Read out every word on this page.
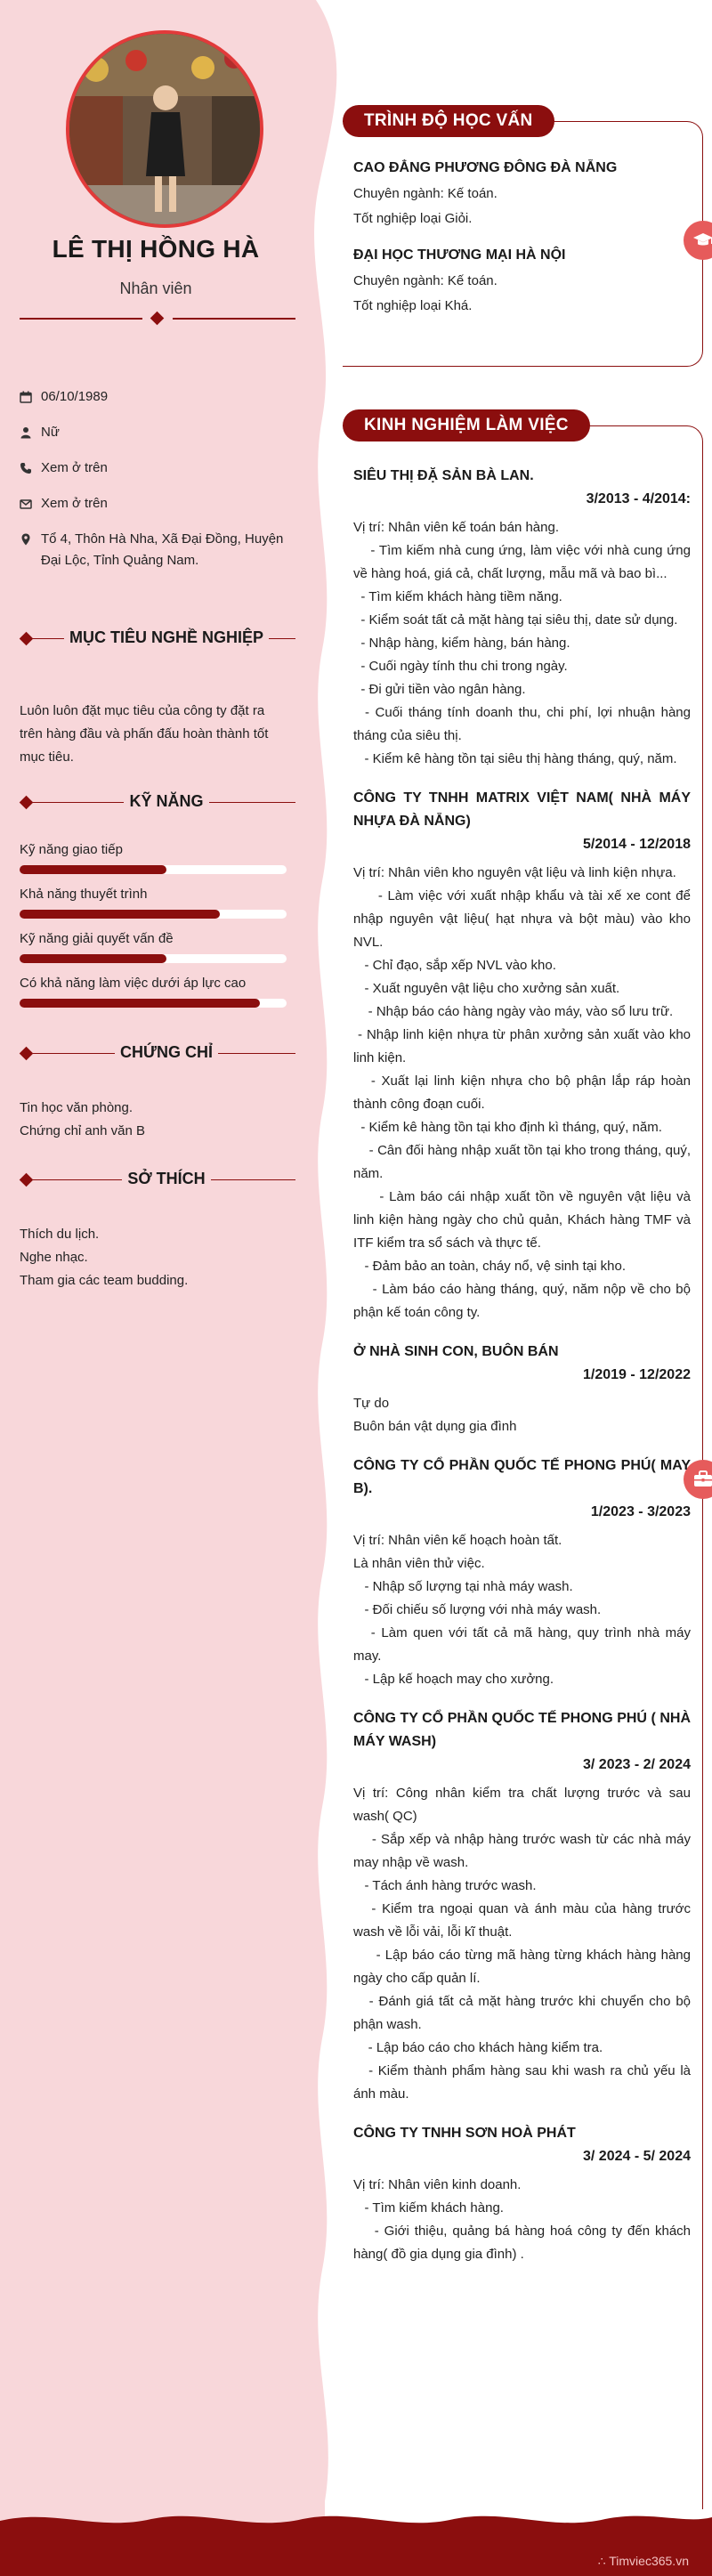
LÊ THỊ HỒNG HÀ
Nhân viên
06/10/1989
Nữ
Xem ở trên
Xem ở trên
Tổ 4, Thôn Hà Nha, Xã Đại Đồng, Huyện Đại Lộc, Tỉnh Quảng Nam.
MỤC TIÊU NGHỀ NGHIỆP
Luôn luôn đặt mục tiêu của công ty đặt ra trên hàng đầu và phấn đấu hoàn thành tốt mục tiêu.
KỸ NĂNG
Kỹ năng giao tiếp
Khả năng thuyết trình
Kỹ năng giải quyết vấn đề
Có khả năng làm việc dưới áp lực cao
CHỨNG CHỈ
Tin học văn phòng.
Chứng chỉ anh văn B
SỞ THÍCH
Thích du lịch.
Nghe nhạc.
Tham gia các team budding.
TRÌNH ĐỘ HỌC VẤN
CAO ĐẲNG PHƯƠNG ĐÔNG ĐÀ NẴNG
Chuyên ngành: Kế toán.
Tốt nghiệp loại Giỏi.
ĐẠI HỌC THƯƠNG MẠI HÀ NỘI
Chuyên ngành: Kế toán.
Tốt nghiệp loại Khá.
KINH NGHIỆM LÀM VIỆC
SIÊU THỊ ĐẶ SẢN BÀ LAN.
3/2013 - 4/2014:
Vị trí: Nhân viên kế toán bán hàng.
- Tìm kiếm nhà cung ứng, làm việc với nhà cung ứng về hàng hoá, giá cả, chất lượng, mẫu mã và bao bì...
- Tìm kiếm khách hàng tiềm năng.
- Kiểm soát tất cả mặt hàng tại siêu thị, date sử dụng.
- Nhập hàng, kiểm hàng, bán hàng.
- Cuối ngày tính thu chi trong ngày.
- Đi gửi tiền vào ngân hàng.
- Cuối tháng tính doanh thu, chi phí, lợi nhuận hàng tháng của siêu thị.
- Kiểm kê hàng tồn tại siêu thị hàng tháng, quý, năm.
CÔNG TY TNHH MATRIX VIỆT NAM( NHÀ MÁY NHỰA ĐÀ NẴNG)
5/2014 - 12/2018
Vị trí: Nhân viên kho nguyên vật liệu và linh kiện nhựa.
- Làm việc với xuất nhập khẩu và tài xế xe cont để nhập nguyên vật liệu( hạt nhựa và bột màu) vào kho NVL.
- Chỉ đạo, sắp xếp NVL vào kho.
- Xuất nguyên vật liệu cho xưởng sản xuất.
- Nhập báo cáo hàng ngày vào máy, vào sổ lưu trữ.
- Nhập linh kiện nhựa từ phân xưởng sản xuất vào kho linh kiện.
- Xuất lại linh kiện nhựa cho bộ phận lắp ráp hoàn thành công đoạn cuối.
- Kiểm kê hàng tồn tại kho định kì tháng, quý, năm.
- Cân đối hàng nhập xuất tồn tại kho trong tháng, quý, năm.
- Làm báo cái nhập xuất tồn về nguyên vật liệu và linh kiện hàng ngày cho chủ quản, Khách hàng TMF và ITF kiểm tra sổ sách và thực tế.
- Đảm bảo an toàn, cháy nổ, vệ sinh tại kho.
- Làm báo cáo hàng tháng, quý, năm nộp về cho bộ phận kế toán công ty.
Ở NHÀ SINH CON, BUÔN BÁN
1/2019 - 12/2022
Tự do
Buôn bán vật dụng gia đình
CÔNG TY CỔ PHẦN QUỐC TẾ PHONG PHÚ( MAY B).
1/2023 - 3/2023
Vị trí: Nhân viên kế hoạch hoàn tất.
Là nhân viên thử việc.
- Nhập số lượng tại nhà máy wash.
- Đối chiếu số lượng với nhà máy wash.
- Làm quen với tất cả mã hàng, quy trình nhà máy may.
- Lập kế hoạch may cho xưởng.
CÔNG TY CỔ PHẦN QUỐC TẾ PHONG PHÚ ( NHÀ MÁY WASH)
3/ 2023 - 2/ 2024
Vị trí: Công nhân kiểm tra chất lượng trước và sau wash( QC)
- Sắp xếp và nhập hàng trước wash từ các nhà máy may nhập về wash.
- Tách ánh hàng trước wash.
- Kiểm tra ngoại quan và ánh màu của hàng trước wash về lỗi vải, lỗi kĩ thuật.
- Lập báo cáo từng mã hàng từng khách hàng hàng ngày cho cấp quản lí.
- Đánh giá tất cả mặt hàng trước khi chuyển cho bộ phận wash.
- Lập báo cáo cho khách hàng kiểm tra.
- Kiểm thành phẩm hàng sau khi wash ra chủ yếu là ánh màu.
CÔNG TY TNHH SƠN HOÀ PHÁT
3/ 2024 - 5/ 2024
Vị trí: Nhân viên kinh doanh.
- Tìm kiếm khách hàng.
- Giới thiệu, quảng bá hàng hoá công ty đến khách hàng( đồ gia dụng gia đình) .
∴ Timviec365.vn
